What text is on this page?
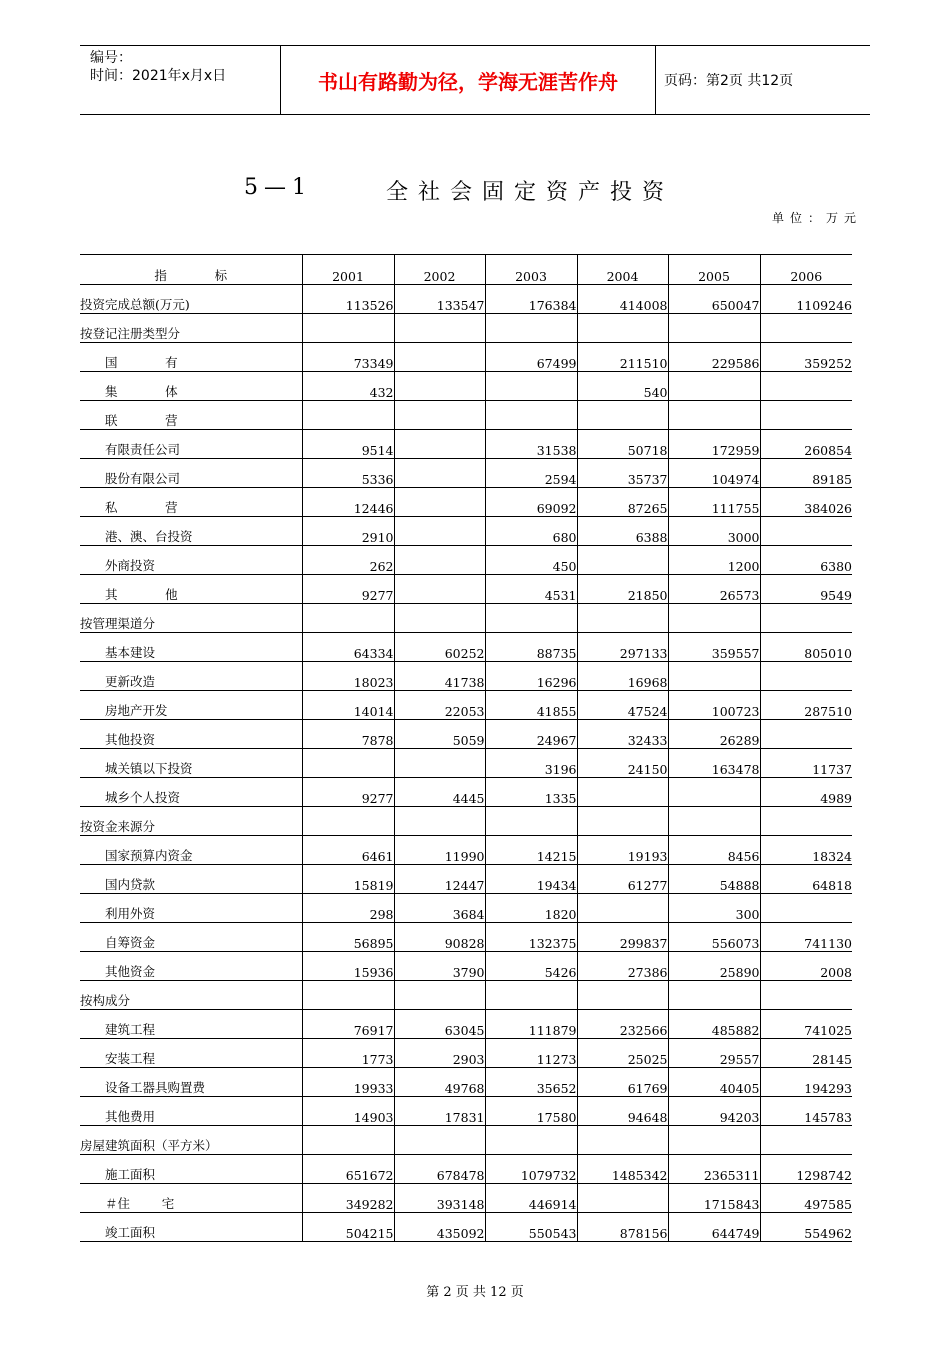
编号：
时间：2021年x月x日	书山有路勤为径，学海无涯苦作舟	页码：第2页 共12页
5—1	全社会固定资产投资
单位：万元
指            标	2001	2002	2003	2004	2005	2006
投资完成总额(万元)	113526	133547	176384	414008	650047	1109246
按登记注册类型分						
国            有	73349		67499	211510	229586	359252
集            体	432			540		
联            营						
有限责任公司	9514		31538	50718	172959	260854
股份有限公司	5336		2594	35737	104974	89185
私            营	12446		69092	87265	111755	384026
港、澳、台投资	2910		680	6388	3000	
外商投资	262		450		1200	6380
其            他	9277		4531	21850	26573	9549
按管理渠道分						
基本建设	64334	60252	88735	297133	359557	805010
更新改造	18023	41738	16296	16968		
房地产开发	14014	22053	41855	47524	100723	287510
其他投资	7878	5059	24967	32433	26289	
城关镇以下投资			3196	24150	163478	11737
城乡个人投资	9277	4445	1335			4989
按资金来源分						
国家预算内资金	6461	11990	14215	19193	8456	18324
国内贷款	15819	12447	19434	61277	54888	64818
利用外资	298	3684	1820		300	
自筹资金	56895	90828	132375	299837	556073	741130
其他资金	15936	3790	5426	27386	25890	2008
按构成分						
建筑工程	76917	63045	111879	232566	485882	741025
安装工程	1773	2903	11273	25025	29557	28145
设备工器具购置费	19933	49768	35652	61769	40405	194293
其他费用	14903	17831	17580	94648	94203	145783
房屋建筑面积（平方米）						
施工面积	651672	678478	1079732	1485342	2365311	1298742
＃住        宅	349282	393148	446914		1715843	497585
竣工面积	504215	435092	550543	878156	644749	554962
第 2 页 共 12 页
